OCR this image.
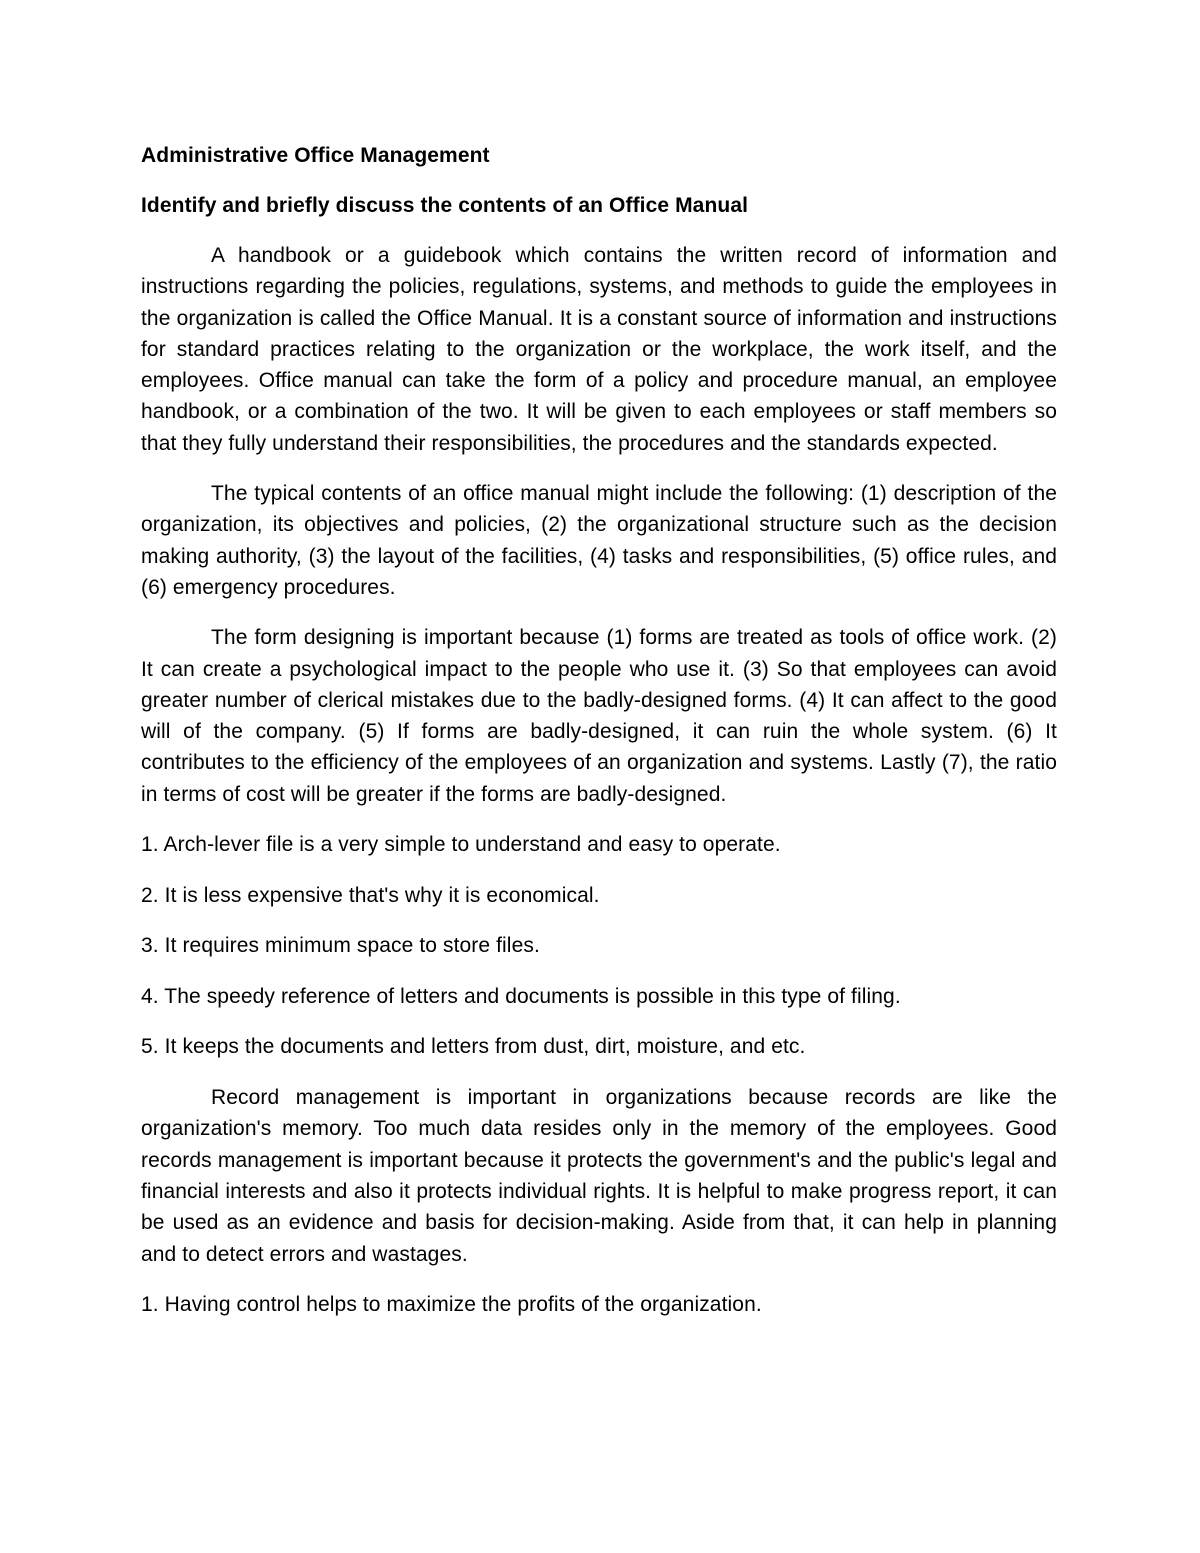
Administrative Office Management

Identify and briefly discuss the contents of an Office Manual

A handbook or a guidebook which contains the written record of information and instructions regarding the policies, regulations, systems, and methods to guide the employees in the organization is called the Office Manual. It is a constant source of information and instructions for standard practices relating to the organization or the workplace, the work itself, and the employees. Office manual can take the form of a policy and procedure manual, an employee handbook, or a combination of the two. It will be given to each employees or staff members so that they fully understand their responsibilities, the procedures and the standards expected.

The typical contents of an office manual might include the following: (1) description of the organization, its objectives and policies, (2) the organizational structure such as the decision making authority, (3) the layout of the facilities, (4) tasks and responsibilities, (5) office rules, and (6) emergency procedures.

The form designing is important because (1) forms are treated as tools of office work. (2) It can create a psychological impact to the people who use it. (3) So that employees can avoid greater number of clerical mistakes due to the badly-designed forms. (4) It can affect to the good will of the company. (5) If forms are badly-designed, it can ruin the whole system. (6) It contributes to the efficiency of the employees of an organization and systems. Lastly (7), the ratio in terms of cost will be greater if the forms are badly-designed.

1. Arch-lever file is a very simple to understand and easy to operate.

2. It is less expensive that's why it is economical.

3. It requires minimum space to store files.

4. The speedy reference of letters and documents is possible in this type of filing.

5. It keeps the documents and letters from dust, dirt, moisture, and etc.

Record management is important in organizations because records are like the organization's memory. Too much data resides only in the memory of the employees. Good records management is important because it protects the government's and the public's legal and financial interests and also it protects individual rights. It is helpful to make progress report, it can be used as an evidence and basis for decision-making. Aside from that, it can help in planning and to detect errors and wastages.

1. Having control helps to maximize the profits of the organization.
